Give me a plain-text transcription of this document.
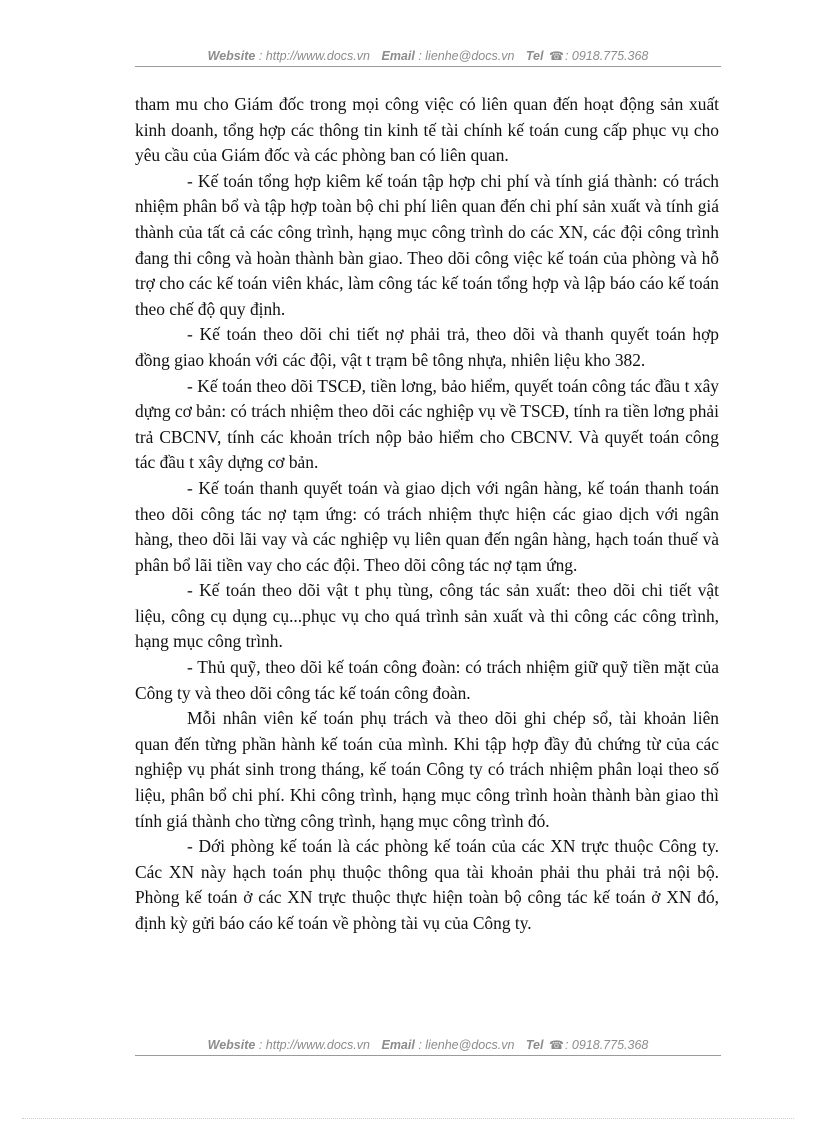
Website : http://www.docs.vn Email : lienhe@docs.vn Tel ☎: 0918.775.368

tham mu cho Giám đốc trong mọi công việc có liên quan đến hoạt động sản xuất kinh doanh, tổng hợp các thông tin kinh tế tài chính kế toán cung cấp phục vụ cho yêu cầu của Giám đốc và các phòng ban có liên quan.

- Kế toán tổng hợp kiêm kế toán tập hợp chi phí và tính giá thành: có trách nhiệm phân bổ và tập hợp toàn bộ chi phí liên quan đến chi phí sản xuất và tính giá thành của tất cả các công trình, hạng mục công trình do các XN, các đội công trình đang thi công và hoàn thành bàn giao. Theo dõi công việc kế toán của phòng và hỗ trợ cho các kế toán viên khác, làm công tác kế toán tổng hợp và lập báo cáo kế toán theo chế độ quy định.

- Kế toán theo dõi chi tiết nợ phải trả, theo dõi và thanh quyết toán hợp đồng giao khoán với các đội, vật t trạm bê tông nhựa, nhiên liệu kho 382.

- Kế toán theo dõi TSCĐ, tiền lơng, bảo hiểm, quyết toán công tác đầu t xây dựng cơ bản: có trách nhiệm theo dõi các nghiệp vụ về TSCĐ, tính ra tiền lơng phải trả CBCNV, tính các khoản trích nộp bảo hiểm cho CBCNV. Và quyết toán công tác đầu t xây dựng cơ bản.

- Kế toán thanh quyết toán và giao dịch với ngân hàng, kế toán thanh toán theo dõi công tác nợ tạm ứng: có trách nhiệm thực hiện các giao dịch với ngân hàng, theo dõi lãi vay và các nghiệp vụ liên quan đến ngân hàng, hạch toán thuế và phân bổ lãi tiền vay cho các đội. Theo dõi công tác nợ tạm ứng.

- Kế toán theo dõi vật t phụ tùng, công tác sản xuất: theo dõi chi tiết vật liệu, công cụ dụng cụ...phục vụ cho quá trình sản xuất và thi công các công trình, hạng mục công trình.

- Thủ quỹ, theo dõi kế toán công đoàn: có trách nhiệm giữ quỹ tiền mặt của Công ty và theo dõi công tác kế toán công đoàn.

Mỗi nhân viên kế toán phụ trách và theo dõi ghi chép sổ, tài khoản liên quan đến từng phần hành kế toán của mình. Khi tập hợp đầy đủ chứng từ của các nghiệp vụ phát sinh trong tháng, kế toán Công ty có trách nhiệm phân loại theo số liệu, phân bổ chi phí. Khi công trình, hạng mục công trình hoàn thành bàn giao thì tính giá thành cho từng công trình, hạng mục công trình đó.

- Dới phòng kế toán là các phòng kế toán của các XN trực thuộc Công ty. Các XN này hạch toán phụ thuộc thông qua tài khoản phải thu phải trả nội bộ. Phòng kế toán ở các XN trực thuộc thực hiện toàn bộ công tác kế toán ở XN đó, định kỳ gửi báo cáo kế toán về phòng tài vụ của Công ty.

Website : http://www.docs.vn Email : lienhe@docs.vn Tel ☎: 0918.775.368
